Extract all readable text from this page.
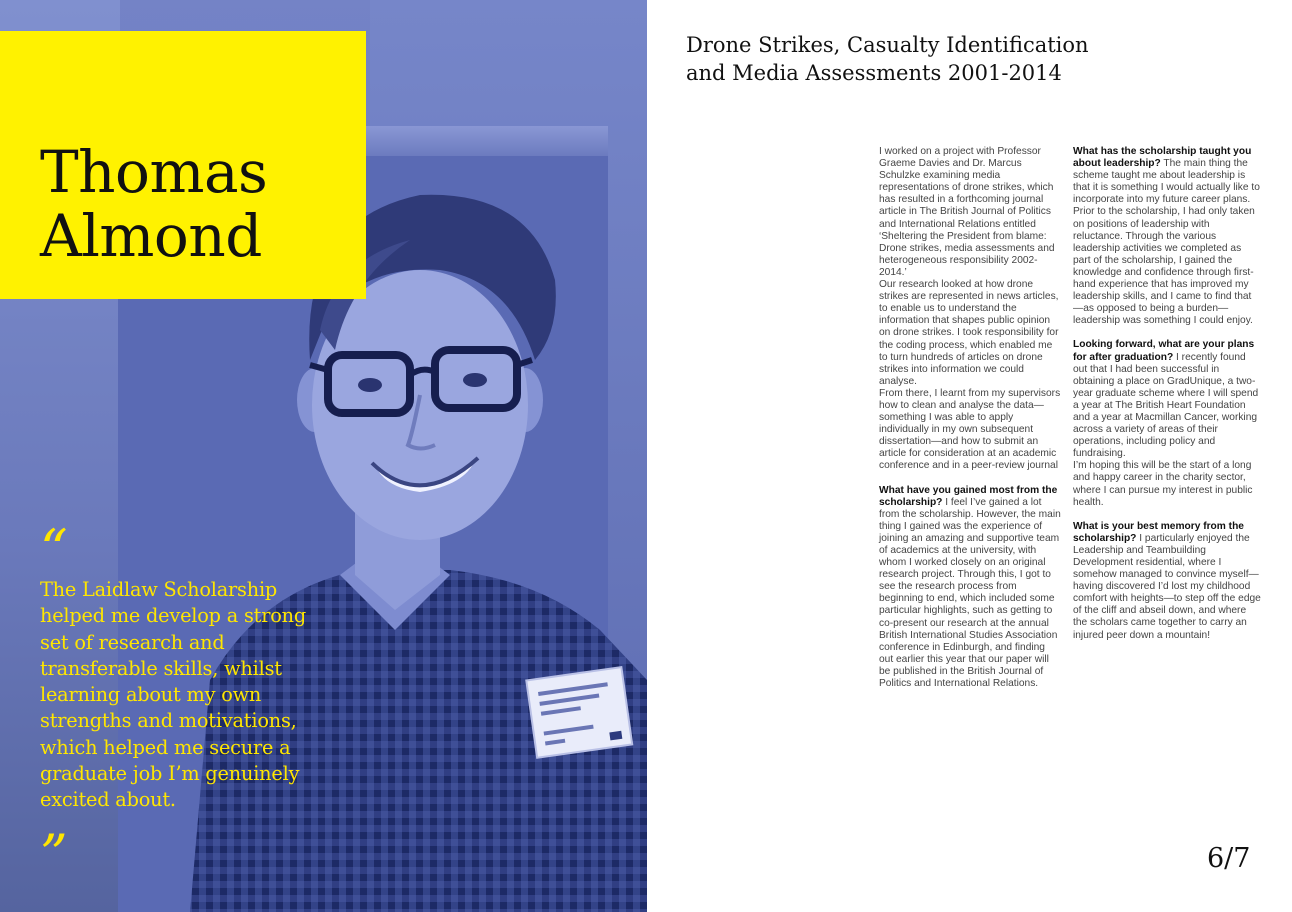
Thomas
Almond
“

The Laidlaw Scholarship helped me develop a strong set of research and transferable skills, whilst learning about my own strengths and motivations, which helped me secure a graduate job I’m genuinely excited about.

”
Drone Strikes, Casualty Identification
and Media Assessments 2001-2014

I worked on a project with Professor Graeme Davies and Dr. Marcus Schulzke examining media representations of drone strikes, which has resulted in a forthcoming journal article in The British Journal of Politics and International Relations entitled ‘Sheltering the President from blame: Drone strikes, media assessments and heterogeneous responsibility 2002-2014.’

Our research looked at how drone strikes are represented in news articles, to enable us to understand the information that shapes public opinion on drone strikes. I took responsibility for the coding process, which enabled me to turn hundreds of articles on drone strikes into information we could analyse.

From there, I learnt from my supervisors how to clean and analyse the data—something I was able to apply individually in my own subsequent dissertation—and how to submit an article for consideration at an academic conference and in a peer-review journal

What have you gained most from the scholarship? I feel I’ve gained a lot from the scholarship. However, the main thing I gained was the experience of joining an amazing and supportive team of academics at the university, with whom I worked closely on an original research project. Through this, I got to see the research process from beginning to end, which included some particular highlights, such as getting to co-present our research at the annual British International Studies Association conference in Edinburgh, and finding out earlier this year that our paper will be published in the British Journal of Politics and International Relations.

What has the scholarship taught you about leadership? The main thing the scheme taught me about leadership is that it is something I would actually like to incorporate into my future career plans. Prior to the scholarship, I had only taken on positions of leadership with reluctance. Through the various leadership activities we completed as part of the scholarship, I gained the knowledge and confidence through first-hand experience that has improved my leadership skills, and I came to find that—as opposed to being a burden—leadership was something I could enjoy.

Looking forward, what are your plans for after graduation? I recently found out that I had been successful in obtaining a place on GradUnique, a two-year graduate scheme where I will spend a year at The British Heart Foundation and a year at Macmillan Cancer, working across a variety of areas of their operations, including policy and fundraising.

I’m hoping this will be the start of a long and happy career in the charity sector, where I can pursue my interest in public health.

What is your best memory from the scholarship? I particularly enjoyed the Leadership and Teambuilding Development residential, where I somehow managed to convince myself—having discovered I’d lost my childhood comfort with heights—to step off the edge of the cliff and abseil down, and where the scholars came together to carry an injured peer down a mountain!

6/7
